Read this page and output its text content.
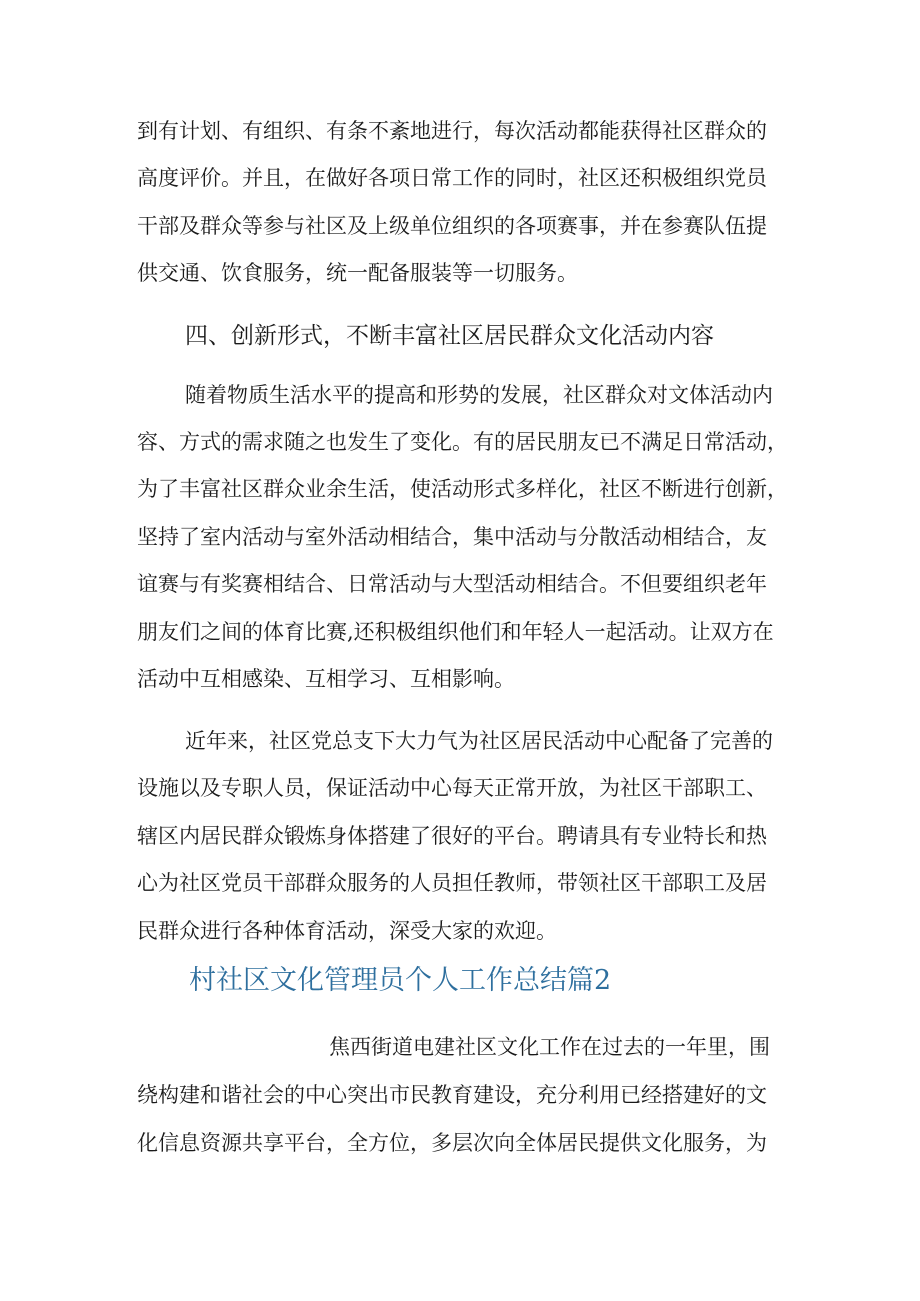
到有计划、有组织、有条不紊地进行，每次活动都能获得社区群众的
高度评价。并且，在做好各项日常工作的同时，社区还积极组织党员
干部及群众等参与社区及上级单位组织的各项赛事，并在参赛队伍提
供交通、饮食服务，统一配备服装等一切服务。
四、创新形式，不断丰富社区居民群众文化活动内容
随着物质生活水平的提高和形势的发展，社区群众对文体活动内
容、方式的需求随之也发生了变化。有的居民朋友已不满足日常活动，
为了丰富社区群众业余生活，使活动形式多样化，社区不断进行创新，
坚持了室内活动与室外活动相结合，集中活动与分散活动相结合，友
谊赛与有奖赛相结合、日常活动与大型活动相结合。不但要组织老年
朋友们之间的体育比赛,还积极组织他们和年轻人一起活动。让双方在
活动中互相感染、互相学习、互相影响。
近年来，社区党总支下大力气为社区居民活动中心配备了完善的
设施以及专职人员，保证活动中心每天正常开放，为社区干部职工、
辖区内居民群众锻炼身体搭建了很好的平台。聘请具有专业特长和热
心为社区党员干部群众服务的人员担任教师，带领社区干部职工及居
民群众进行各种体育活动，深受大家的欢迎。
村社区文化管理员个人工作总结篇2
焦西街道电建社区文化工作在过去的一年里，围
绕构建和谐社会的中心突出市民教育建设，充分利用已经搭建好的文
化信息资源共享平台，全方位，多层次向全体居民提供文化服务，为
